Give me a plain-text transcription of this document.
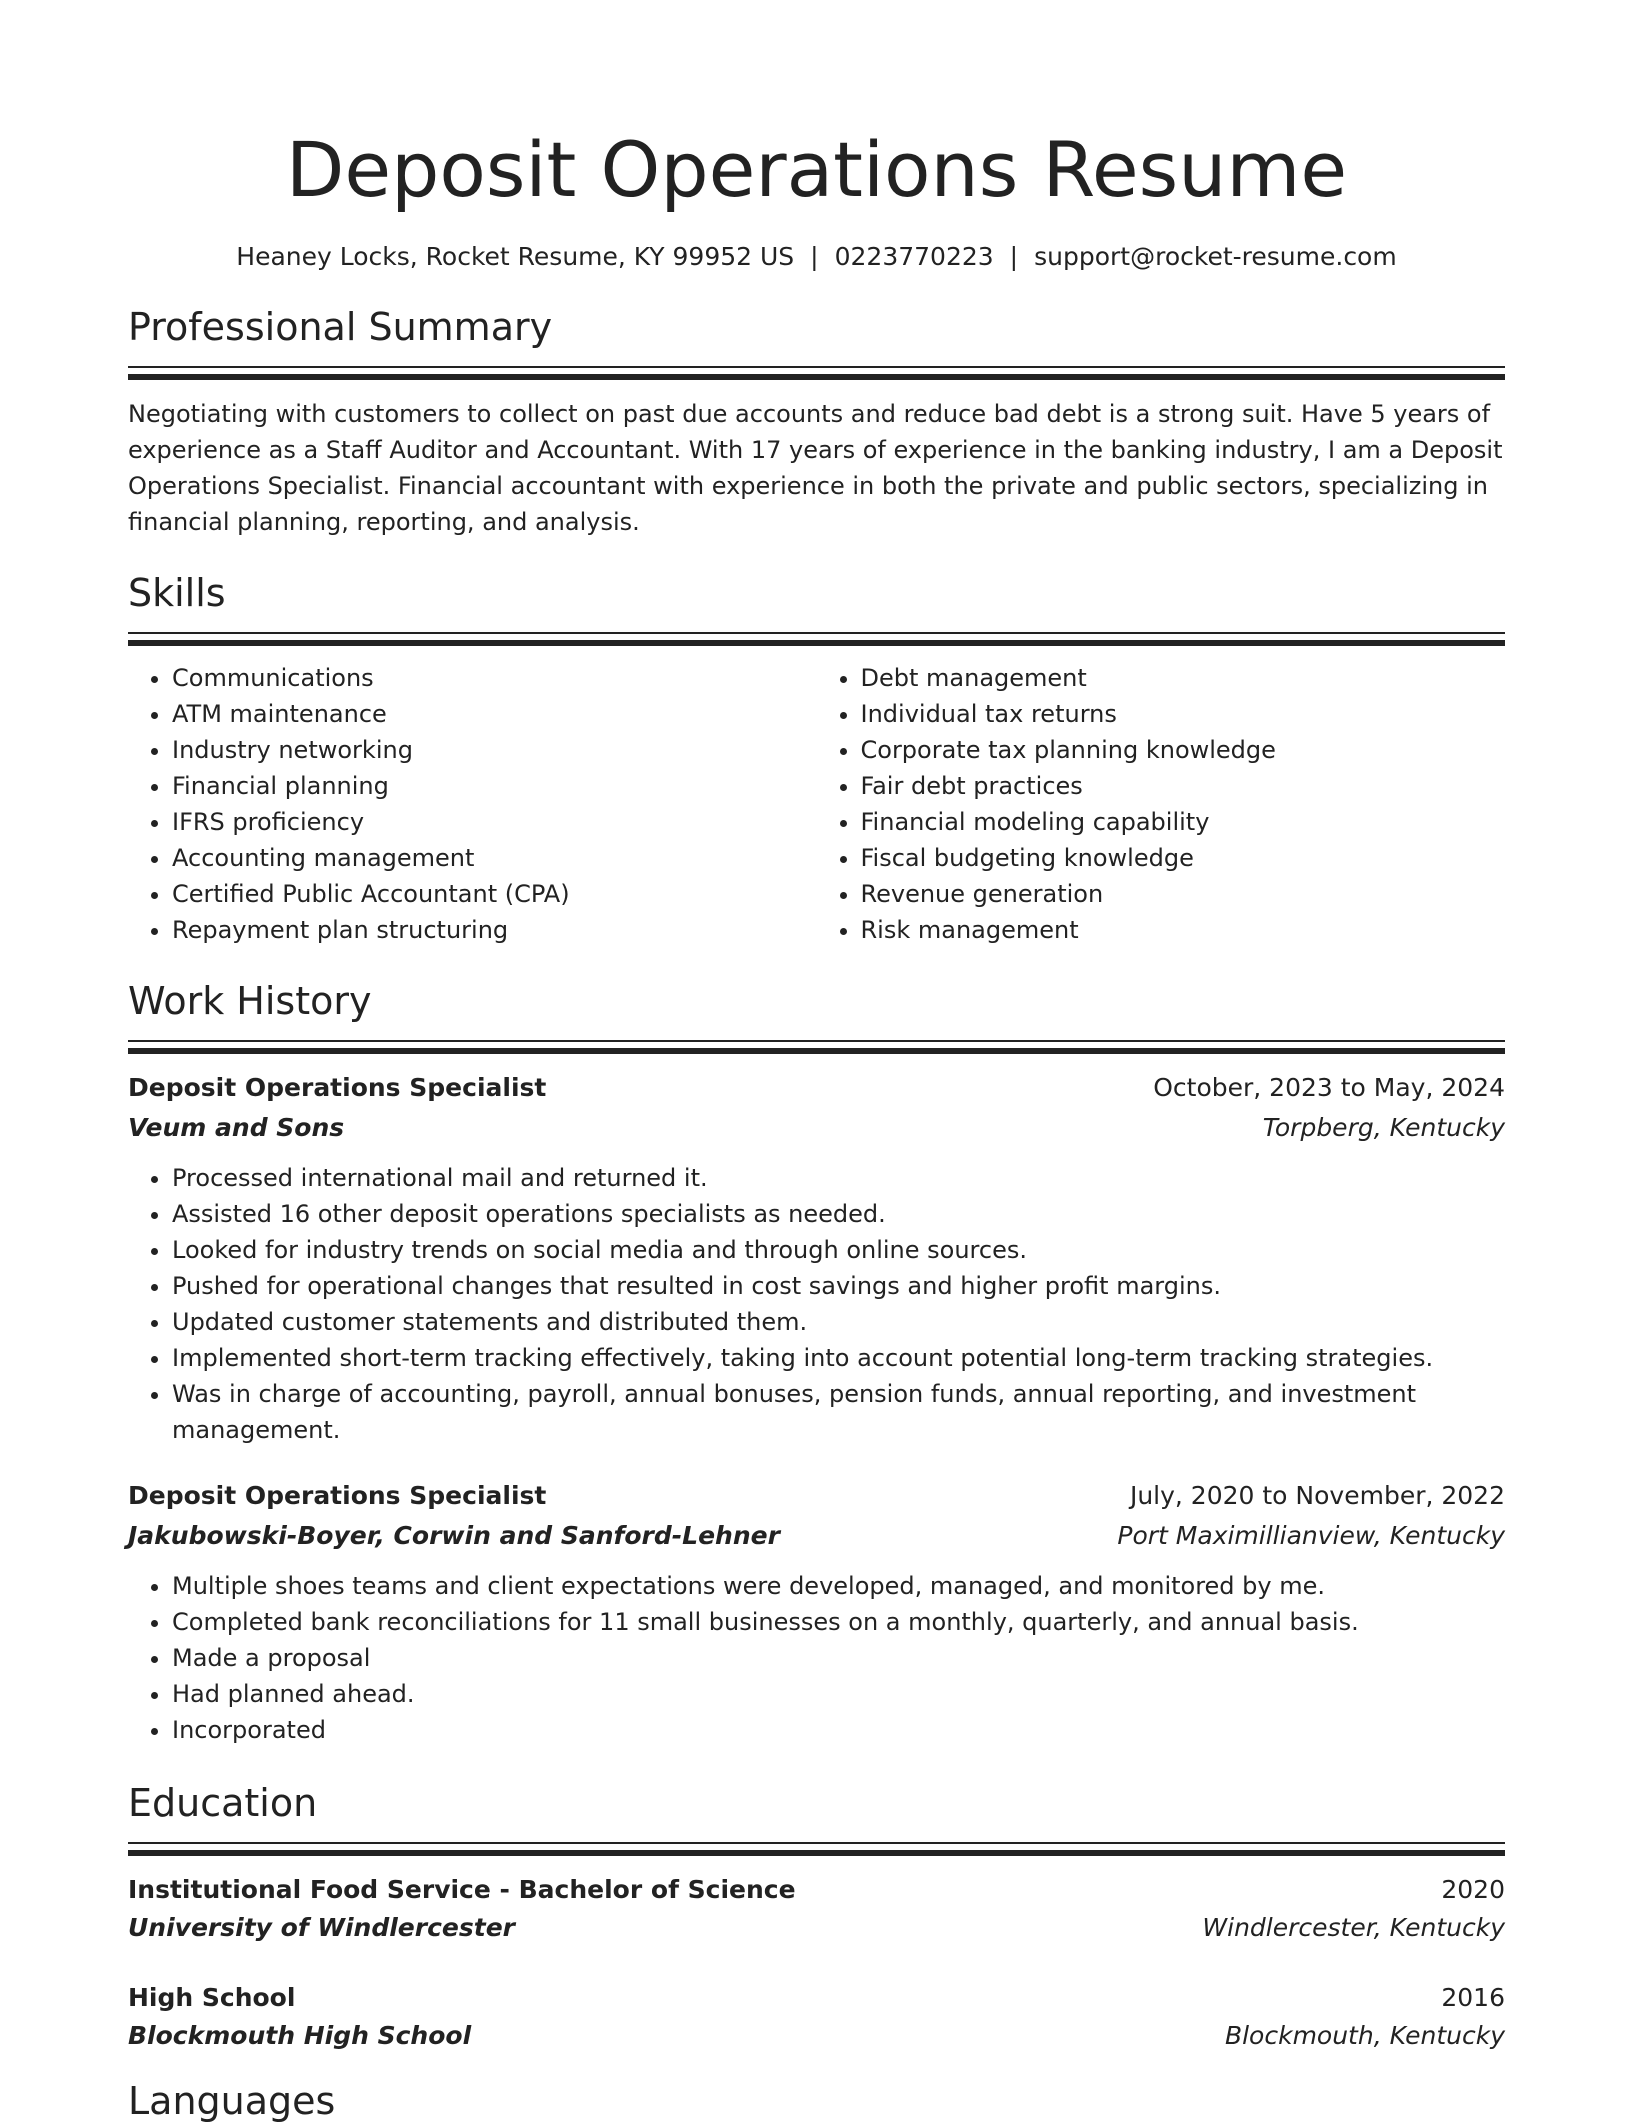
Deposit Operations Resume
Heaney Locks, Rocket Resume, KY 99952 US | 0223770223 | support@rocket-resume.com
Professional Summary

Negotiating with customers to collect on past due accounts and reduce bad debt is a strong suit. Have 5 years of experience as a Staff Auditor and Accountant. With 17 years of experience in the banking industry, I am a Deposit Operations Specialist. Financial accountant with experience in both the private and public sectors, specializing in financial planning, reporting, and analysis.

Skills
• Communications
• ATM maintenance
• Industry networking
• Financial planning
• IFRS proficiency
• Accounting management
• Certified Public Accountant (CPA)
• Repayment plan structuring
• Debt management
• Individual tax returns
• Corporate tax planning knowledge
• Fair debt practices
• Financial modeling capability
• Fiscal budgeting knowledge
• Revenue generation
• Risk management
Work History
Deposit Operations Specialist	October, 2023 to May, 2024
Veum and Sons	Torpberg, Kentucky
• Processed international mail and returned it.
• Assisted 16 other deposit operations specialists as needed.
• Looked for industry trends on social media and through online sources.
• Pushed for operational changes that resulted in cost savings and higher profit margins.
• Updated customer statements and distributed them.
• Implemented short-term tracking effectively, taking into account potential long-term tracking strategies.
• Was in charge of accounting, payroll, annual bonuses, pension funds, annual reporting, and investment management.
Deposit Operations Specialist	July, 2020 to November, 2022
Jakubowski-Boyer, Corwin and Sanford-Lehner	Port Maximillianview, Kentucky
• Multiple shoes teams and client expectations were developed, managed, and monitored by me.
• Completed bank reconciliations for 11 small businesses on a monthly, quarterly, and annual basis.
• Made a proposal
• Had planned ahead.
• Incorporated
Education
Institutional Food Service - Bachelor of Science	2020
University of Windlercester	Windlercester, Kentucky
High School	2016
Blockmouth High School	Blockmouth, Kentucky
Languages
